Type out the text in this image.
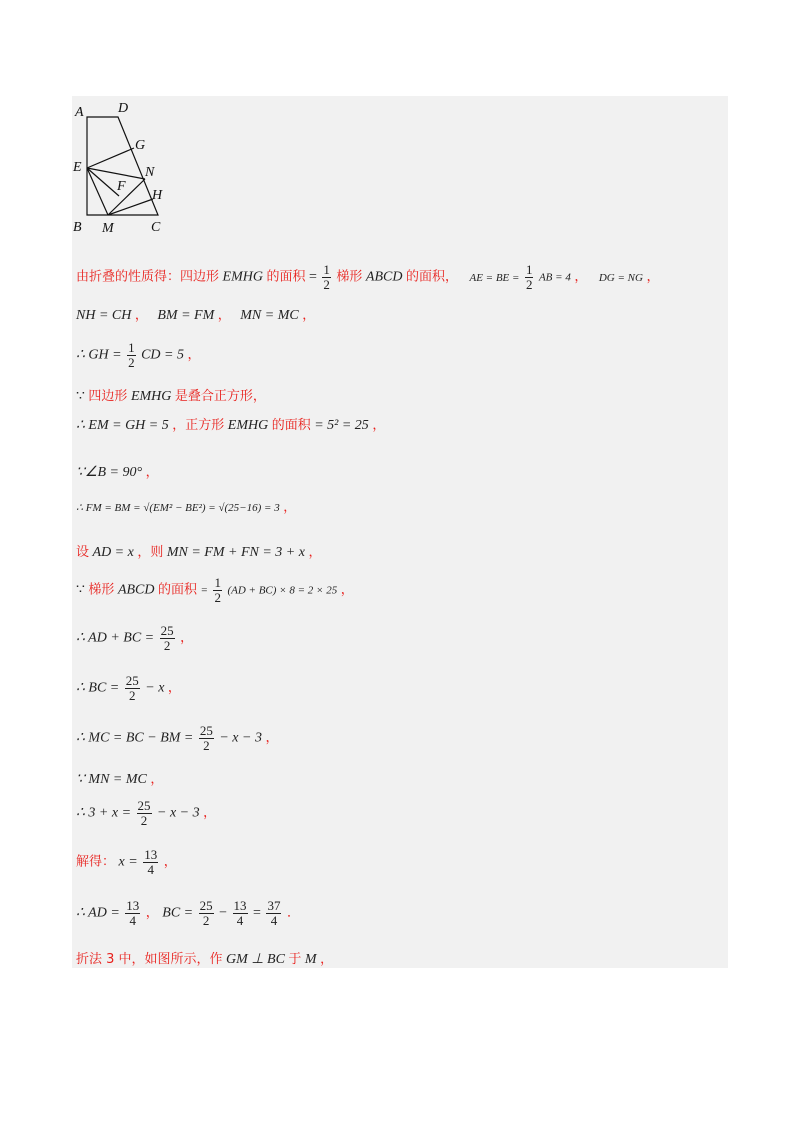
A D
G
E	N
F
H
B M	C
由折叠的性质得：四边形 EMHG 的面积 = $\frac{1}{2}$ 梯形 ABCD 的面积， AE = BE = $\frac{1}{2}$ AB = 4 ， DG = NG ，
NH = CH ， BM = FM ， MN = MC ，
∴ GH = $\frac{1}{2}$ CD = 5 ，
∵ 四边形 EMHG 是叠合正方形，
∴ EM = GH = 5 ，正方形 EMHG 的面积 = 5² = 25 ，
∵∠B = 90° ，
∴ FM = BM = √(EM² − BE²) = √(25−16) = 3 ，
设 AD = x ，则 MN = FM + FN = 3 + x ，
∵ 梯形 ABCD 的面积 = $\frac{1}{2} (AD + BC) \times 8 = 2 \times 25$ ，
∴ AD + BC = $\frac{25}{2}$ ，
∴ BC = $\frac{25}{2} - x$ ，
∴ MC = BC − BM = $\frac{25}{2} - x - 3$ ，
∵ MN = MC ，
∴ $3 + x = \frac{25}{2} - x - 3$ ，
解得： $x = \frac{13}{4}$ ，
∴ AD = $\frac{13}{4}$ ， BC = $\frac{25}{2} - \frac{13}{4} = \frac{37}{4}$ ．
折法 3 中，如图所示，作 GM ⊥ BC 于 M ，
